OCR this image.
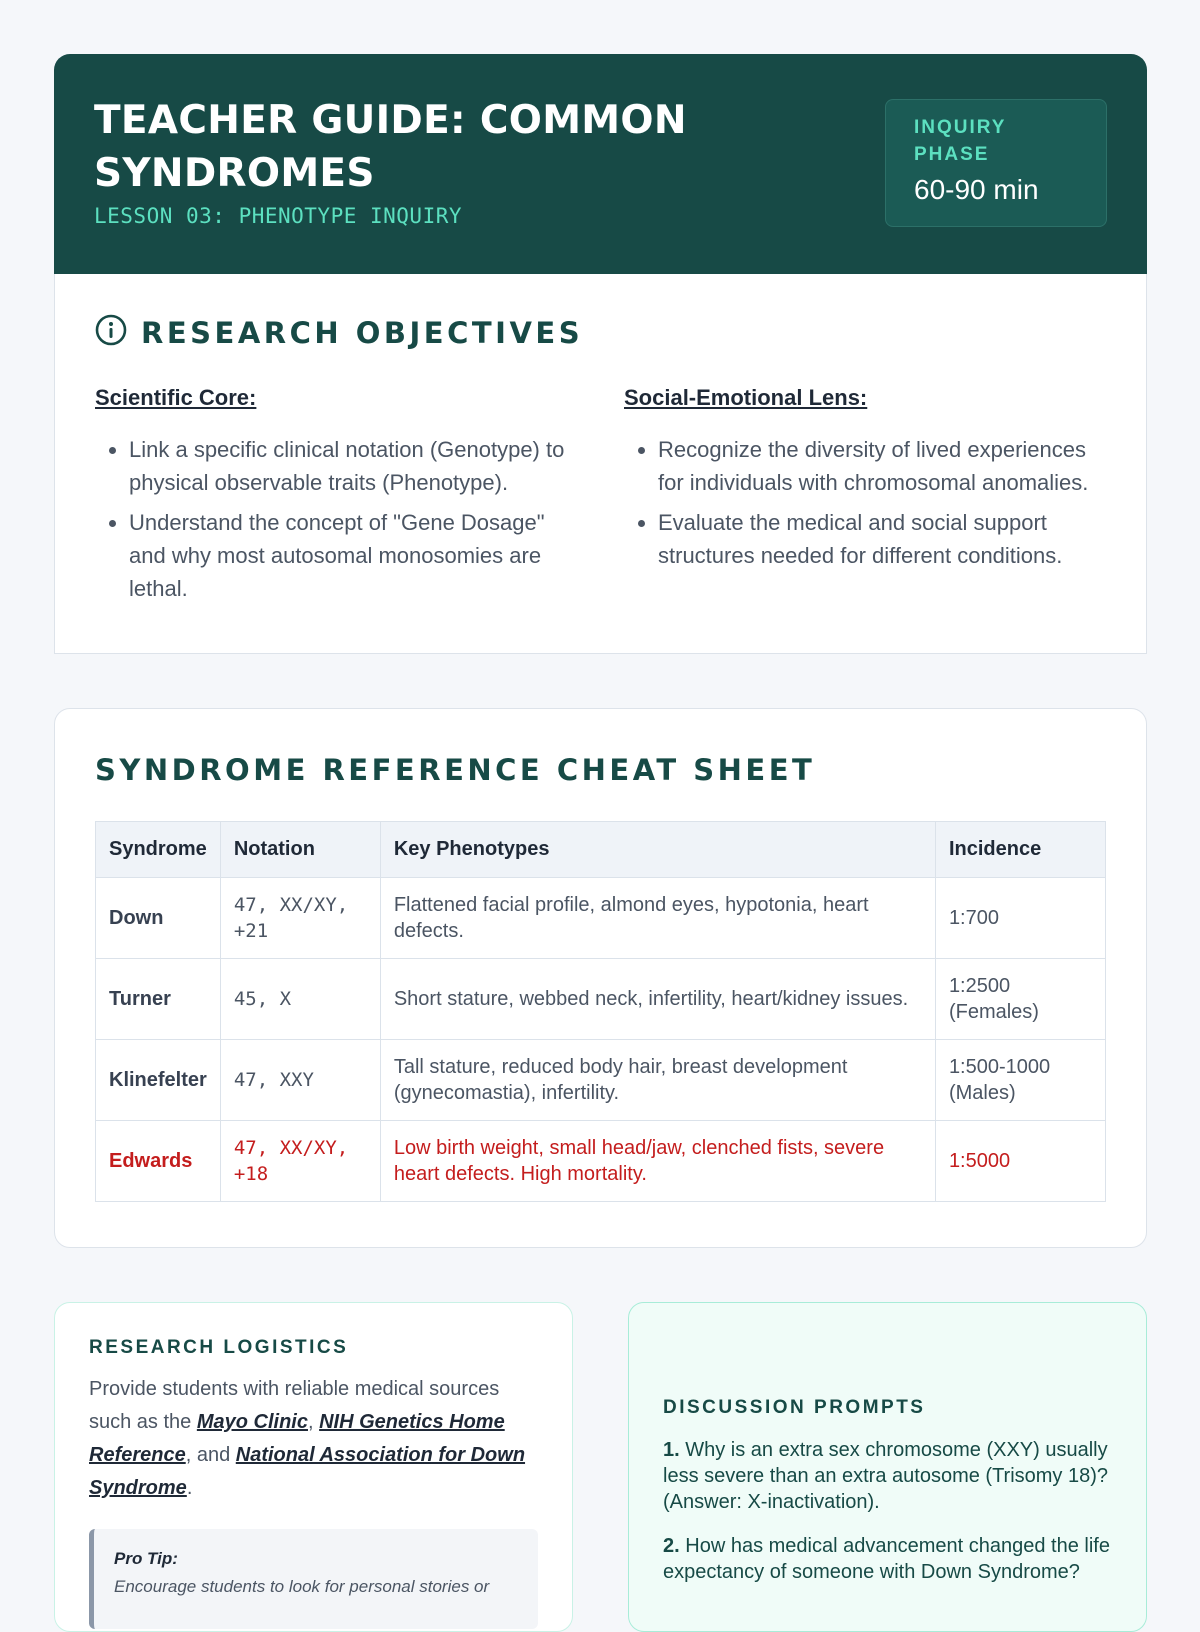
TEACHER GUIDE: COMMON SYNDROMES
LESSON 03: PHENOTYPE INQUIRY
INQUIRY PHASE
60-90 min
RESEARCH OBJECTIVES
Scientific Core:
• Link a specific clinical notation (Genotype) to physical observable traits (Phenotype).
• Understand the concept of "Gene Dosage" and why most autosomal monosomies are lethal.
Social-Emotional Lens:
• Recognize the diversity of lived experiences for individuals with chromosomal anomalies.
• Evaluate the medical and social support structures needed for different conditions.
SYNDROME REFERENCE CHEAT SHEET
Syndrome	Notation	Key Phenotypes	Incidence
Down	47, XX/XY, +21	Flattened facial profile, almond eyes, hypotonia, heart defects.	1:700
Turner	45, X	Short stature, webbed neck, infertility, heart/kidney issues.	1:2500 (Females)
Klinefelter	47, XXY	Tall stature, reduced body hair, breast development (gynecomastia), infertility.	1:500-1000 (Males)
Edwards	47, XX/XY, +18	Low birth weight, small head/jaw, clenched fists, severe heart defects. High mortality.	1:5000
RESEARCH LOGISTICS
Provide students with reliable medical sources such as the Mayo Clinic, NIH Genetics Home Reference, and National Association for Down Syndrome.
Pro Tip:
Encourage students to look for personal stories or
DISCUSSION PROMPTS
1. Why is an extra sex chromosome (XXY) usually less severe than an extra autosome (Trisomy 18)? (Answer: X-inactivation).
2. How has medical advancement changed the life expectancy of someone with Down Syndrome?
